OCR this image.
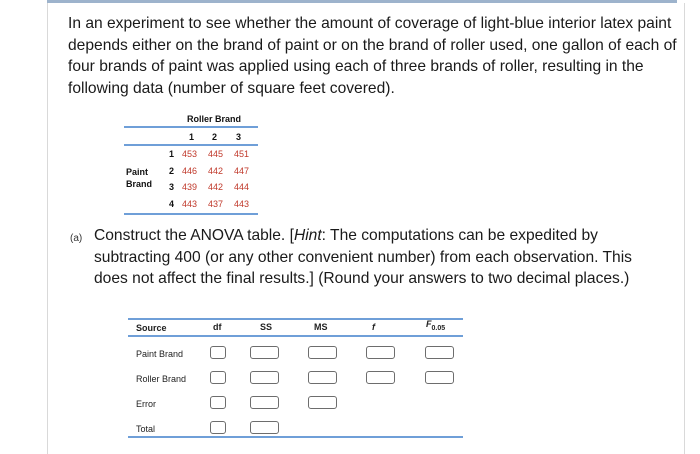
In an experiment to see whether the amount of coverage of light-blue interior latex paint depends either on the brand of paint or on the brand of roller used, one gallon of each of four brands of paint was applied using each of three brands of roller, resulting in the following data (number of square feet covered).

Roller Brand
1 2 3
Paint
Brand
1 453 445 451
2 446 442 447
3 439 442 444
4 443 437 443
(a) Construct the ANOVA table. [Hint: The computations can be expedited by subtracting 400 (or any other convenient number) from each observation. This does not affect the final results.] (Round your answers to two decimal places.)

Source	df	SS	MS	f	$F_{0.05}$
Paint Brand
Roller Brand
Error
Total
